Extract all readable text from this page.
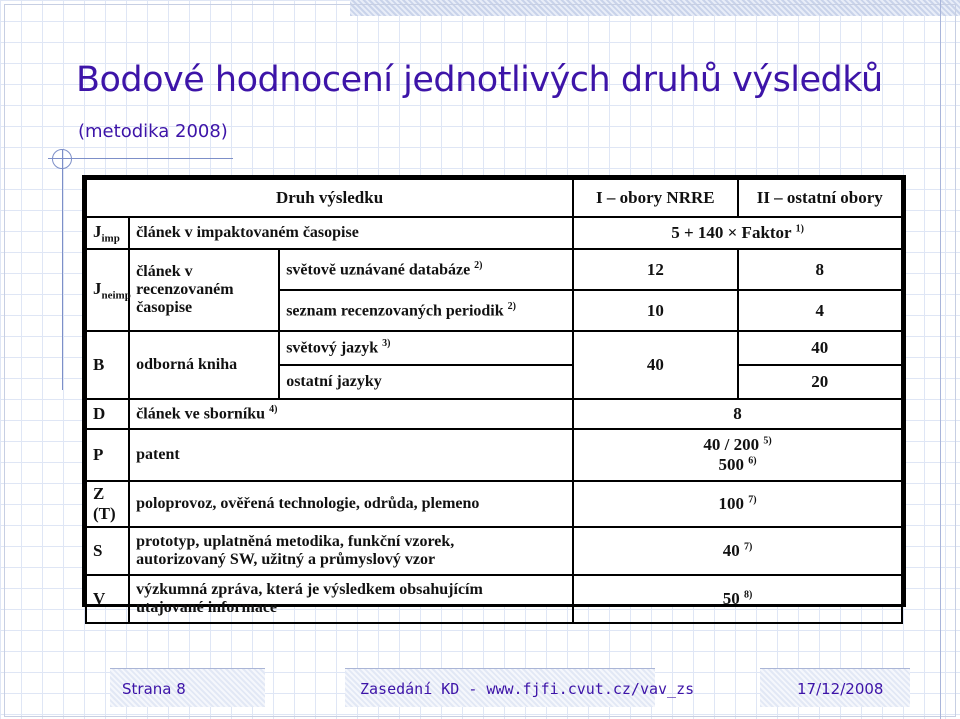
Bodové hodnocení jednotlivých druhů výsledků
(metodika 2008)
Druh výsledku			I – obory NRRE	II – ostatní obory
$J_{imp}$	článek v impaktovaném časopise		5 + 140 × Faktor $^{1)}$
$J_{neimp}$	článek v recenzovaném časopise	světově uznávané databáze $^{2)}$	12	8
		seznam recenzovaných periodik $^{2)}$	10	4
B	odborná kniha	světový jazyk $^{3)}$	40	40
		ostatní jazyky		20
D	článek ve sborníku $^{4)}$		8	
P	patent		40 / 200 $^{5)}$
500 $^{6)}$

Z (T)	poloprovoz, ověřená technologie, odrůda, plemeno		100 $^{7)}$
S	prototyp, uplatněná metodika, funkční vzorek,
autorizovaný SW, užitný a průmyslový vzor		40 $^{7)}$
V	výzkumná zpráva, která je výsledkem obsahujícím
utajované informace		50 $^{8)}$
Strana 8	Zasedání KD - www.fjfi.cvut.cz/vav_zs	17/12/2008
